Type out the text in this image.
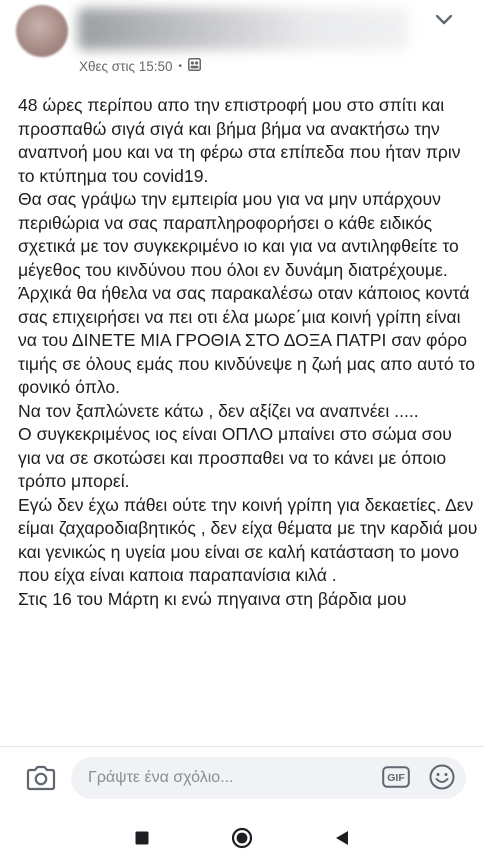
Χθες στις 15:50 •
48 ώρες περίπου απο την επιστροφή μου στο σπίτι και προσπαθώ σιγά σιγά και βήμα βήμα να ανακτήσω την αναπνοή μου και να τη φέρω στα επίπεδα που ήταν πριν το κτύπημα του covid19.
Θα σας γράψω την εμπειρία μου για να μην υπάρχουν περιθώρια να σας παραπληροφορήσει ο κάθε ειδικός σχετικά με τον συγκεκριμένο ιο και για να αντιληφθείτε το μέγεθος του κινδύνου που όλοι εν δυνάμη διατρέχουμε.
Άρχικά θα ήθελα να σας παρακαλέσω οταν κάποιος κοντά σας επιχειρήσει να πει οτι έλα μωρε΄μια κοινή γρίπη είναι να του ΔΙΝΕΤΕ ΜΙΑ ΓΡΟΘΙΑ ΣΤΟ ΔΟΞΑ ΠΑΤΡΙ σαν φόρο τιμής σε όλους εμάς που κινδύνεψε η ζωή μας απο αυτό το φονικό όπλο.
Να τον ξαπλώνετε κάτω , δεν αξίζει να αναπνέει .....
Ο συγκεκριμένος ιος είναι ΟΠΛΟ μπαίνει στο σώμα σου για να σε σκοτώσει και προσπαθει να το κάνει με όποιο τρόπο μπορεί.
Εγώ δεν έχω πάθει ούτε την κοινή γρίπη για δεκαετίες. Δεν είμαι ζαχαροδιαβητικός , δεν είχα θέματα με την καρδιά μου και γενικώς η υγεία μου είναι σε καλή κατάσταση το μονο που είχα είναι καποια παραπανίσια κιλά .
Στις 16 του Μάρτη κι ενώ πηγαινα στη βάρδια μου
Γράψτε ένα σχόλιο...
GIF
